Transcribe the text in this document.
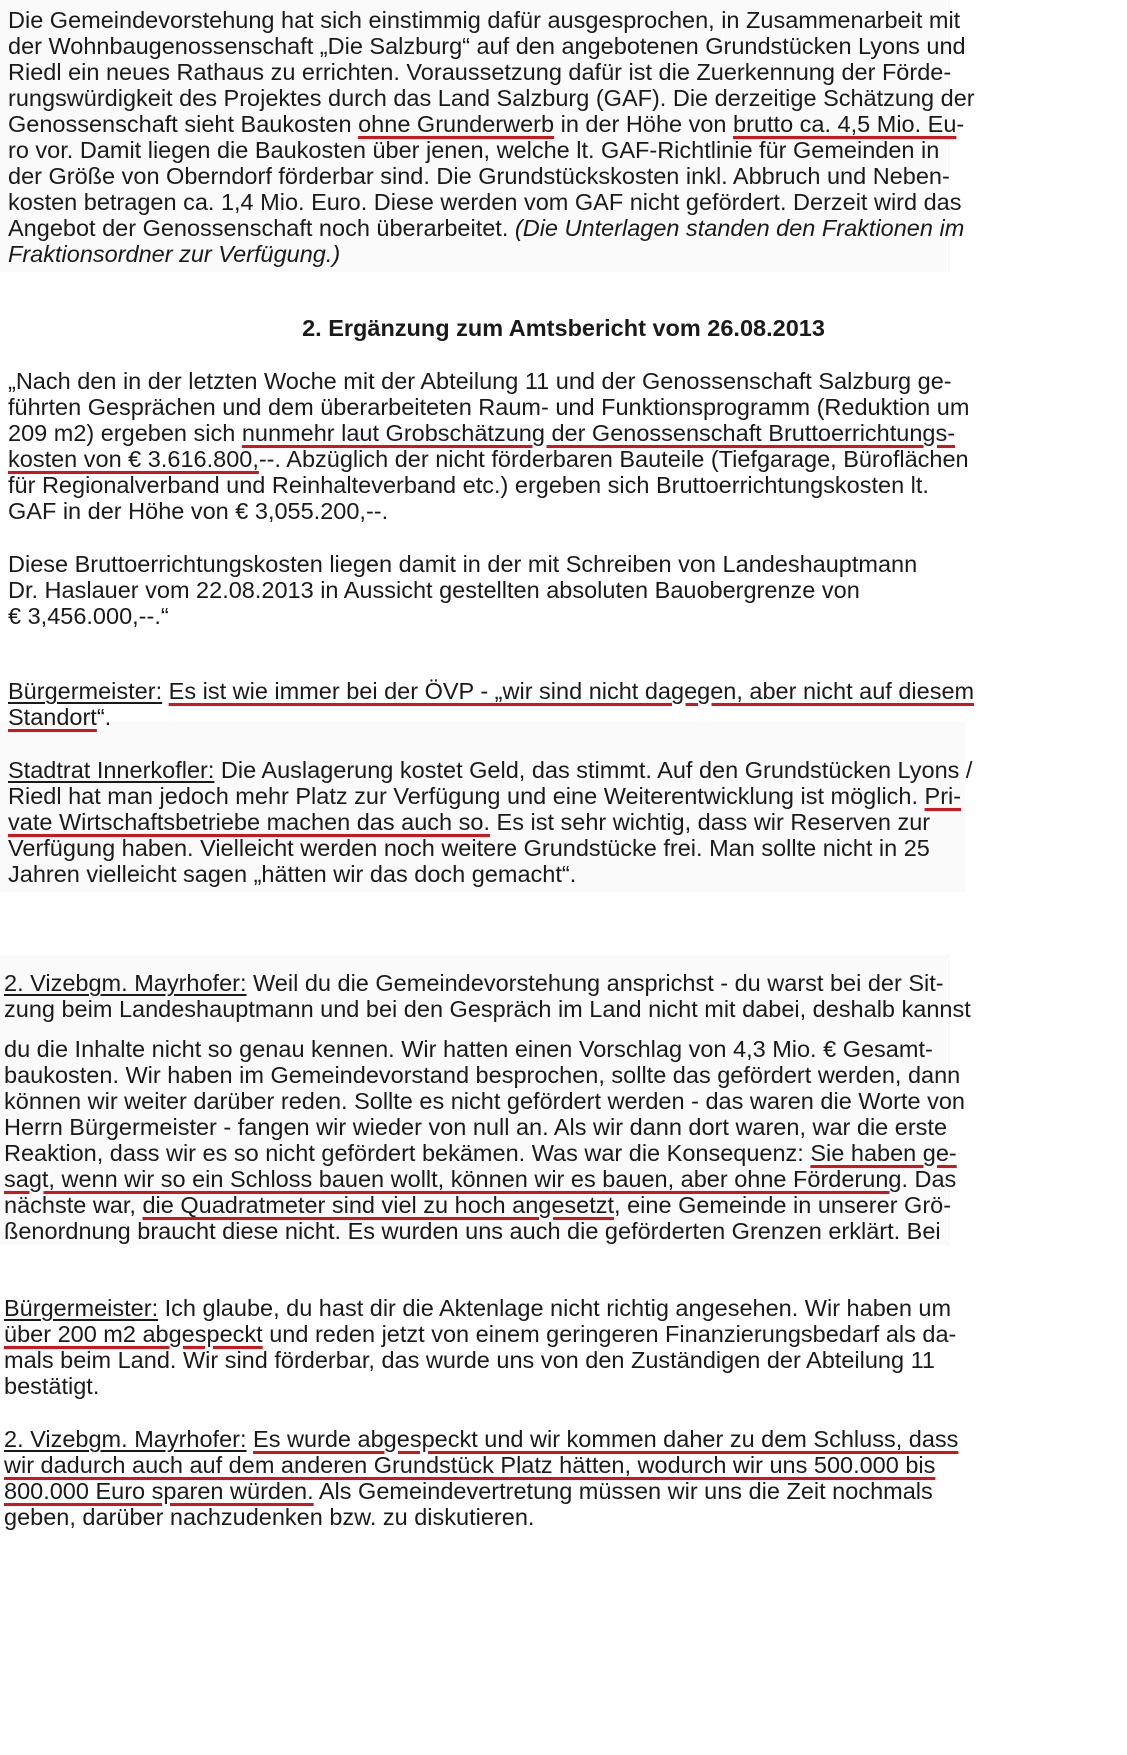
Die Gemeindevorstehung hat sich einstimmig dafür ausgesprochen, in Zusammenarbeit mit
der Wohnbaugenossenschaft „Die Salzburg“ auf den angebotenen Grundstücken Lyons und
Riedl ein neues Rathaus zu errichten. Voraussetzung dafür ist die Zuerkennung der Förde-
rungswürdigkeit des Projektes durch das Land Salzburg (GAF). Die derzeitige Schätzung der
Genossenschaft sieht Baukosten ohne Grunderwerb in der Höhe von brutto ca. 4,5 Mio. Eu-
ro vor. Damit liegen die Baukosten über jenen, welche lt. GAF-Richtlinie für Gemeinden in
der Größe von Oberndorf förderbar sind. Die Grundstückskosten inkl. Abbruch und Neben-
kosten betragen ca. 1,4 Mio. Euro. Diese werden vom GAF nicht gefördert. Derzeit wird das
Angebot der Genossenschaft noch überarbeitet. (Die Unterlagen standen den Fraktionen im
Fraktionsordner zur Verfügung.)
2. Ergänzung zum Amtsbericht vom 26.08.2013
„Nach den in der letzten Woche mit der Abteilung 11 und der Genossenschaft Salzburg ge-
führten Gesprächen und dem überarbeiteten Raum- und Funktionsprogramm (Reduktion um
209 m2) ergeben sich nunmehr laut Grobschätzung der Genossenschaft Bruttoerrichtungs-
kosten von € 3.616.800,--. Abzüglich der nicht förderbaren Bauteile (Tiefgarage, Büroflächen
für Regionalverband und Reinhalteverband etc.) ergeben sich Bruttoerrichtungskosten lt.
GAF in der Höhe von € 3,055.200,--.
Diese Bruttoerrichtungskosten liegen damit in der mit Schreiben von Landeshauptmann
Dr. Haslauer vom 22.08.2013 in Aussicht gestellten absoluten Bauobergrenze von
€ 3,456.000,--.“
Bürgermeister: Es ist wie immer bei der ÖVP - „wir sind nicht dagegen, aber nicht auf diesem
Standort“.
Stadtrat Innerkofler: Die Auslagerung kostet Geld, das stimmt. Auf den Grundstücken Lyons /
Riedl hat man jedoch mehr Platz zur Verfügung und eine Weiterentwicklung ist möglich. Pri-
vate Wirtschaftsbetriebe machen das auch so. Es ist sehr wichtig, dass wir Reserven zur
Verfügung haben. Vielleicht werden noch weitere Grundstücke frei. Man sollte nicht in 25
Jahren vielleicht sagen „hätten wir das doch gemacht“.
2. Vizebgm. Mayrhofer: Weil du die Gemeindevorstehung ansprichst - du warst bei der Sit-
zung beim Landeshauptmann und bei den Gespräch im Land nicht mit dabei, deshalb kannst
du die Inhalte nicht so genau kennen. Wir hatten einen Vorschlag von 4,3 Mio. € Gesamt-
baukosten. Wir haben im Gemeindevorstand besprochen, sollte das gefördert werden, dann
können wir weiter darüber reden. Sollte es nicht gefördert werden - das waren die Worte von
Herrn Bürgermeister - fangen wir wieder von null an. Als wir dann dort waren, war die erste
Reaktion, dass wir es so nicht gefördert bekämen. Was war die Konsequenz: Sie haben ge-
sagt, wenn wir so ein Schloss bauen wollt, können wir es bauen, aber ohne Förderung. Das
nächste war, die Quadratmeter sind viel zu hoch angesetzt, eine Gemeinde in unserer Grö-
ßenordnung braucht diese nicht. Es wurden uns auch die geförderten Grenzen erklärt. Bei
Bürgermeister: Ich glaube, du hast dir die Aktenlage nicht richtig angesehen. Wir haben um
über 200 m2 abgespeckt und reden jetzt von einem geringeren Finanzierungsbedarf als da-
mals beim Land. Wir sind förderbar, das wurde uns von den Zuständigen der Abteilung 11
bestätigt.
2. Vizebgm. Mayrhofer: Es wurde abgespeckt und wir kommen daher zu dem Schluss, dass
wir dadurch auch auf dem anderen Grundstück Platz hätten, wodurch wir uns 500.000 bis
800.000 Euro sparen würden. Als Gemeindevertretung müssen wir uns die Zeit nochmals
geben, darüber nachzudenken bzw. zu diskutieren.
